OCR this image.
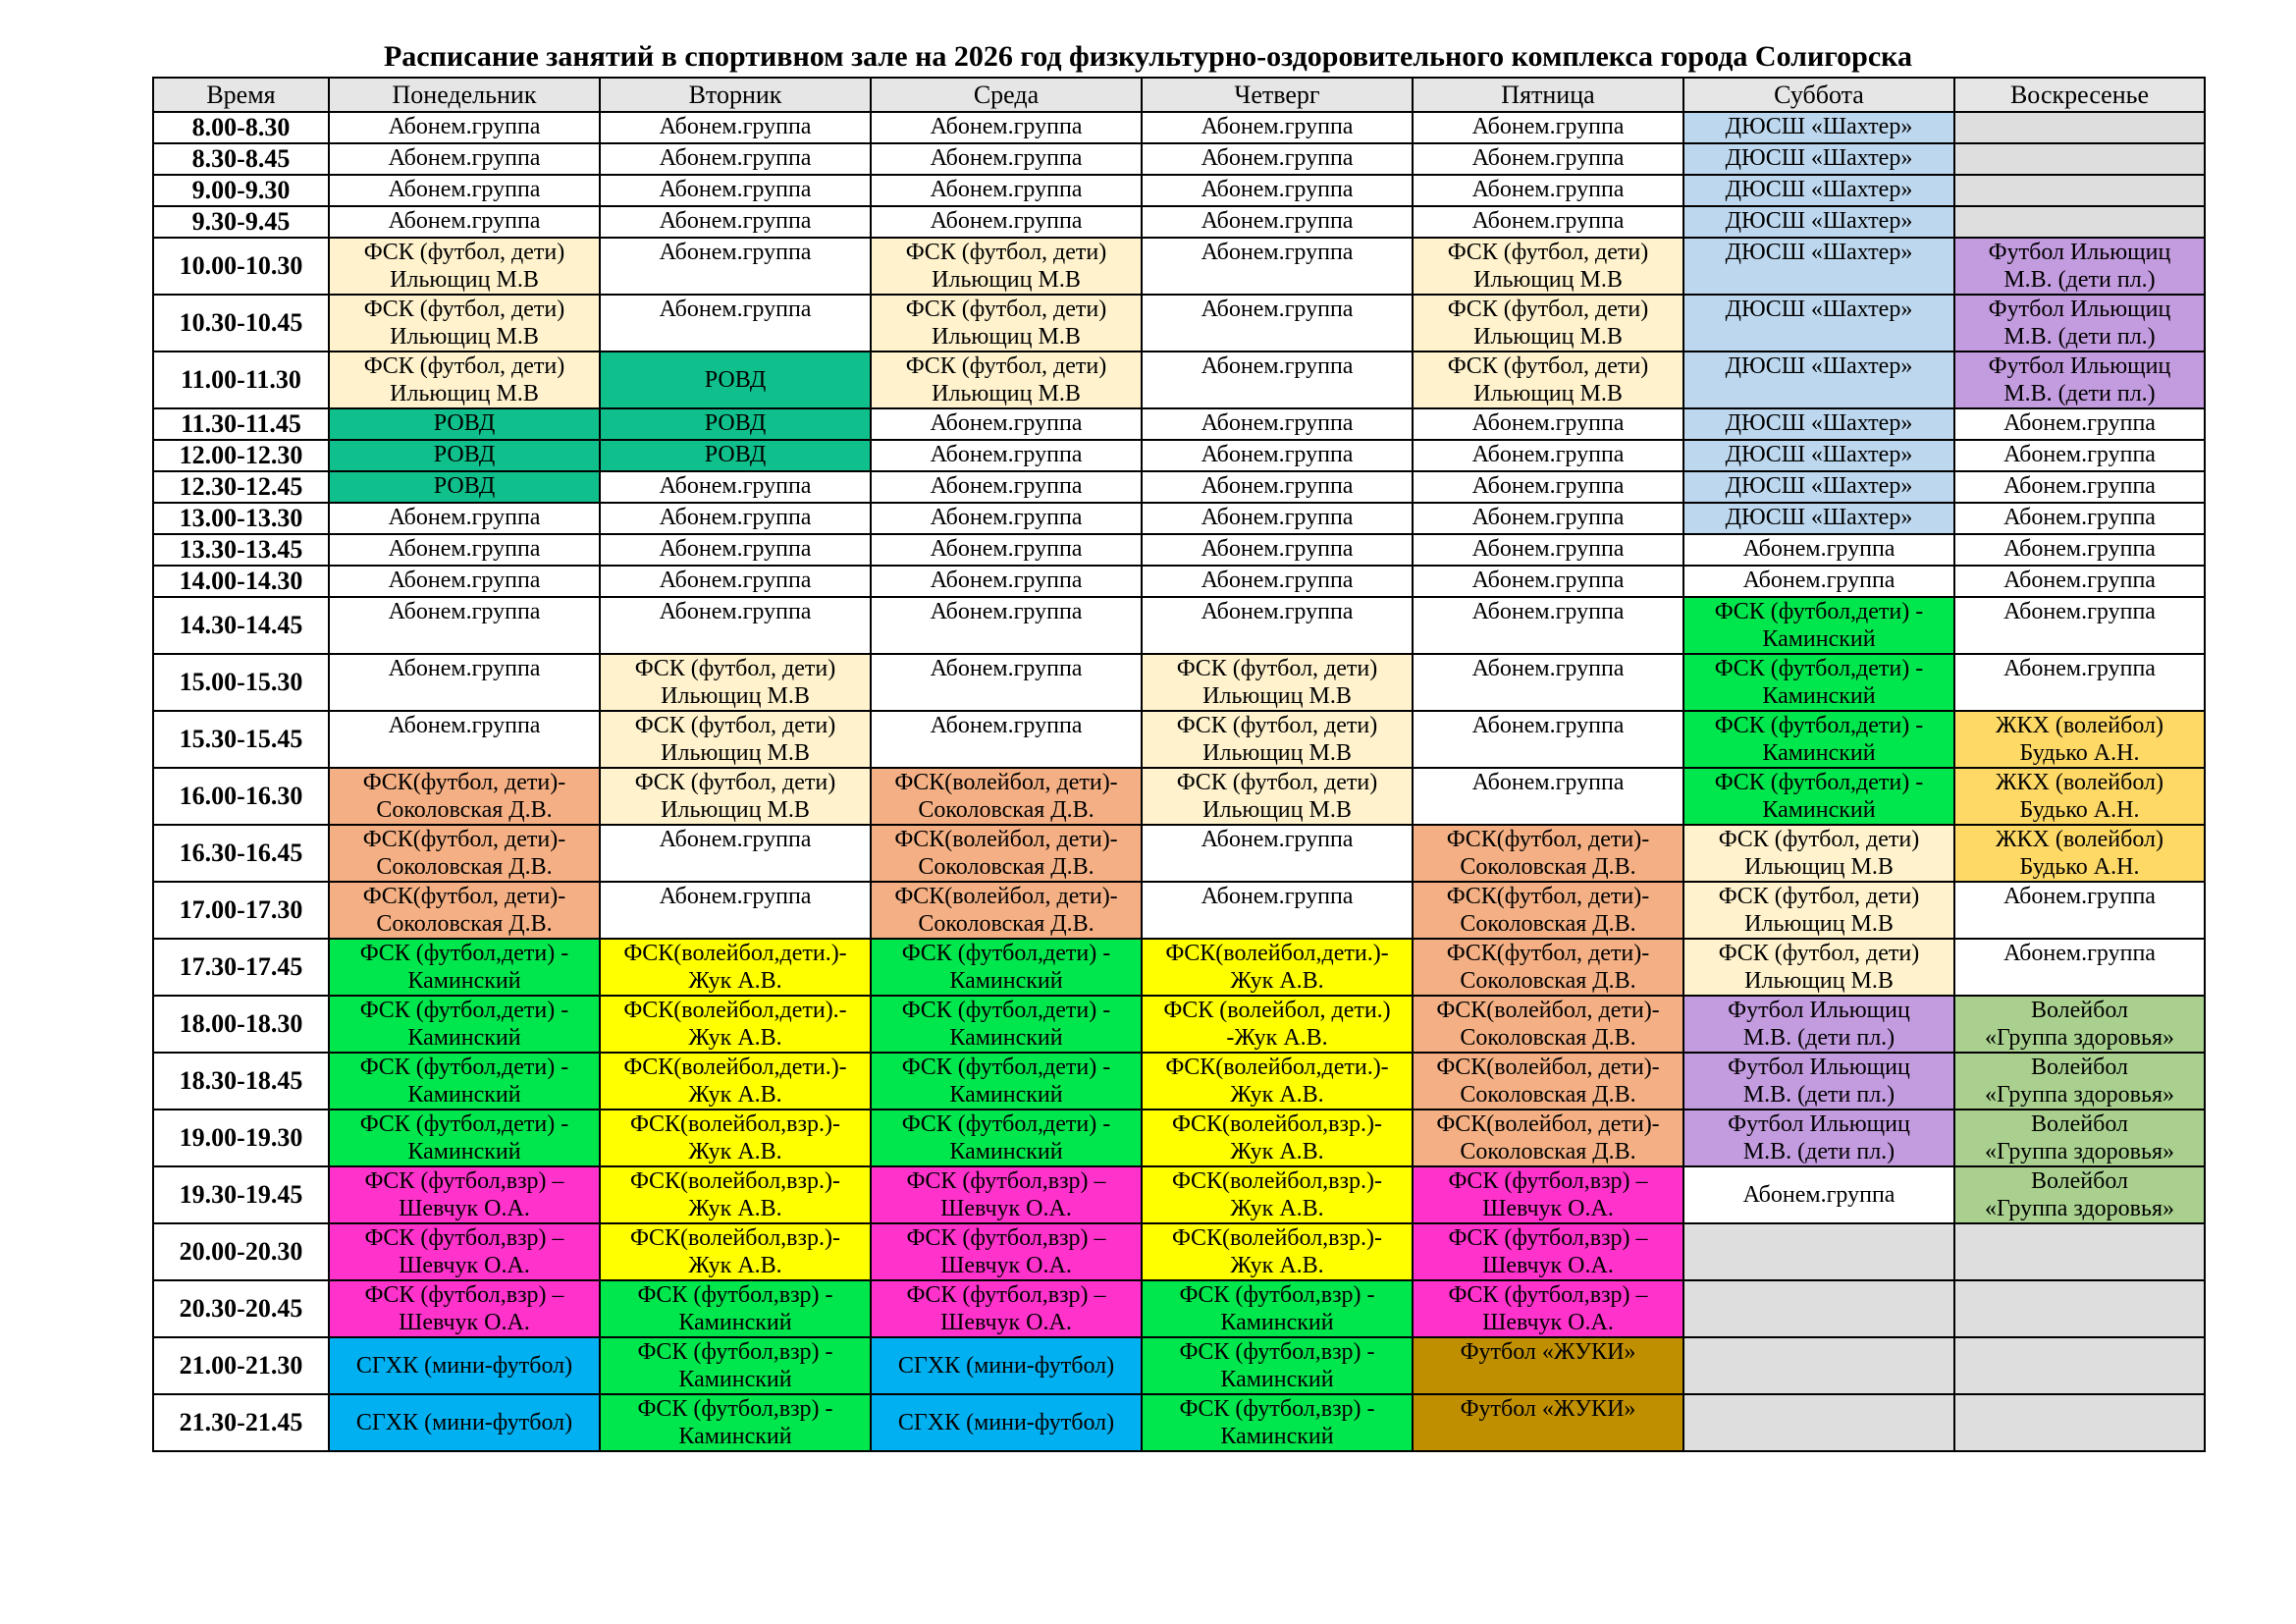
Расписание занятий в спортивном зале на 2026 год физкультурно-оздоровительного комплекса города Солигорска
Время	Понедельник	Вторник	Среда	Четверг	Пятница	Суббота	Воскресенье
8.00-8.30	Абонем.группа	Абонем.группа	Абонем.группа	Абонем.группа	Абонем.группа	ДЮСШ «Шахтер»	
8.30-8.45	Абонем.группа	Абонем.группа	Абонем.группа	Абонем.группа	Абонем.группа	ДЮСШ «Шахтер»	
9.00-9.30	Абонем.группа	Абонем.группа	Абонем.группа	Абонем.группа	Абонем.группа	ДЮСШ «Шахтер»	
9.30-9.45	Абонем.группа	Абонем.группа	Абонем.группа	Абонем.группа	Абонем.группа	ДЮСШ «Шахтер»	
10.00-10.30	ФСК (футбол, дети)
Ильющиц М.В	Абонем.группа	ФСК (футбол, дети)
Ильющиц М.В	Абонем.группа	ФСК (футбол, дети)
Ильющиц М.В	ДЮСШ «Шахтер»	Футбол Ильющиц
М.В. (дети пл.)
10.30-10.45	ФСК (футбол, дети)
Ильющиц М.В	Абонем.группа	ФСК (футбол, дети)
Ильющиц М.В	Абонем.группа	ФСК (футбол, дети)
Ильющиц М.В	ДЮСШ «Шахтер»	Футбол Ильющиц
М.В. (дети пл.)
11.00-11.30	ФСК (футбол, дети)
Ильющиц М.В	РОВД	ФСК (футбол, дети)
Ильющиц М.В	Абонем.группа	ФСК (футбол, дети)
Ильющиц М.В	ДЮСШ «Шахтер»	Футбол Ильющиц
М.В. (дети пл.)
11.30-11.45	РОВД	РОВД	Абонем.группа	Абонем.группа	Абонем.группа	ДЮСШ «Шахтер»	Абонем.группа
12.00-12.30	РОВД	РОВД	Абонем.группа	Абонем.группа	Абонем.группа	ДЮСШ «Шахтер»	Абонем.группа
12.30-12.45	РОВД	Абонем.группа	Абонем.группа	Абонем.группа	Абонем.группа	ДЮСШ «Шахтер»	Абонем.группа
13.00-13.30	Абонем.группа	Абонем.группа	Абонем.группа	Абонем.группа	Абонем.группа	ДЮСШ «Шахтер»	Абонем.группа
13.30-13.45	Абонем.группа	Абонем.группа	Абонем.группа	Абонем.группа	Абонем.группа	Абонем.группа	Абонем.группа
14.00-14.30	Абонем.группа	Абонем.группа	Абонем.группа	Абонем.группа	Абонем.группа	Абонем.группа	Абонем.группа
14.30-14.45	Абонем.группа	Абонем.группа	Абонем.группа	Абонем.группа	Абонем.группа	ФСК (футбол,дети) -
Каминский	Абонем.группа
15.00-15.30	Абонем.группа	ФСК (футбол, дети)
Ильющиц М.В	Абонем.группа	ФСК (футбол, дети)
Ильющиц М.В	Абонем.группа	ФСК (футбол,дети) -
Каминский	Абонем.группа
15.30-15.45	Абонем.группа	ФСК (футбол, дети)
Ильющиц М.В	Абонем.группа	ФСК (футбол, дети)
Ильющиц М.В	Абонем.группа	ФСК (футбол,дети) -
Каминский	ЖКХ (волейбол)
Будько А.Н.
16.00-16.30	ФСК(футбол, дети)-
Соколовская Д.В.	ФСК (футбол, дети)
Ильющиц М.В	ФСК(волейбол, дети)-
Соколовская Д.В.	ФСК (футбол, дети)
Ильющиц М.В	Абонем.группа	ФСК (футбол,дети) -
Каминский	ЖКХ (волейбол)
Будько А.Н.
16.30-16.45	ФСК(футбол, дети)-
Соколовская Д.В.	Абонем.группа	ФСК(волейбол, дети)-
Соколовская Д.В.	Абонем.группа	ФСК(футбол, дети)-
Соколовская Д.В.	ФСК (футбол, дети)
Ильющиц М.В	ЖКХ (волейбол)
Будько А.Н.
17.00-17.30	ФСК(футбол, дети)-
Соколовская Д.В.	Абонем.группа	ФСК(волейбол, дети)-
Соколовская Д.В.	Абонем.группа	ФСК(футбол, дети)-
Соколовская Д.В.	ФСК (футбол, дети)
Ильющиц М.В	Абонем.группа
17.30-17.45	ФСК (футбол,дети) -
Каминский	ФСК(волейбол,дети.)-
Жук А.В.	ФСК (футбол,дети) -
Каминский	ФСК(волейбол,дети.)-
Жук А.В.	ФСК(футбол, дети)-
Соколовская Д.В.	ФСК (футбол, дети)
Ильющиц М.В	Абонем.группа
18.00-18.30	ФСК (футбол,дети) -
Каминский	ФСК(волейбол,дети).-
Жук А.В.	ФСК (футбол,дети) -
Каминский	ФСК (волейбол, дети.)
-Жук А.В.	ФСК(волейбол, дети)-
Соколовская Д.В.	Футбол Ильющиц
М.В. (дети пл.)	Волейбол
«Группа здоровья»
18.30-18.45	ФСК (футбол,дети) -
Каминский	ФСК(волейбол,дети.)-
Жук А.В.	ФСК (футбол,дети) -
Каминский	ФСК(волейбол,дети.)-
Жук А.В.	ФСК(волейбол, дети)-
Соколовская Д.В.	Футбол Ильющиц
М.В. (дети пл.)	Волейбол
«Группа здоровья»
19.00-19.30	ФСК (футбол,дети) -
Каминский	ФСК(волейбол,взр.)-
Жук А.В.	ФСК (футбол,дети) -
Каминский	ФСК(волейбол,взр.)-
Жук А.В.	ФСК(волейбол, дети)-
Соколовская Д.В.	Футбол Ильющиц
М.В. (дети пл.)	Волейбол
«Группа здоровья»
19.30-19.45	ФСК (футбол,взр) –
Шевчук О.А.	ФСК(волейбол,взр.)-
Жук А.В.	ФСК (футбол,взр) –
Шевчук О.А.	ФСК(волейбол,взр.)-
Жук А.В.	ФСК (футбол,взр) –
Шевчук О.А.	Абонем.группа	Волейбол
«Группа здоровья»
20.00-20.30	ФСК (футбол,взр) –
Шевчук О.А.	ФСК(волейбол,взр.)-
Жук А.В.	ФСК (футбол,взр) –
Шевчук О.А.	ФСК(волейбол,взр.)-
Жук А.В.	ФСК (футбол,взр) –
Шевчук О.А.		
20.30-20.45	ФСК (футбол,взр) –
Шевчук О.А.	ФСК (футбол,взр) -
Каминский	ФСК (футбол,взр) –
Шевчук О.А.	ФСК (футбол,взр) -
Каминский	ФСК (футбол,взр) –
Шевчук О.А.		
21.00-21.30	СГХК (мини-футбол)	ФСК (футбол,взр) -
Каминский	СГХК (мини-футбол)	ФСК (футбол,взр) -
Каминский	Футбол «ЖУКИ»		
21.30-21.45	СГХК (мини-футбол)	ФСК (футбол,взр) -
Каминский	СГХК (мини-футбол)	ФСК (футбол,взр) -
Каминский	Футбол «ЖУКИ»		
